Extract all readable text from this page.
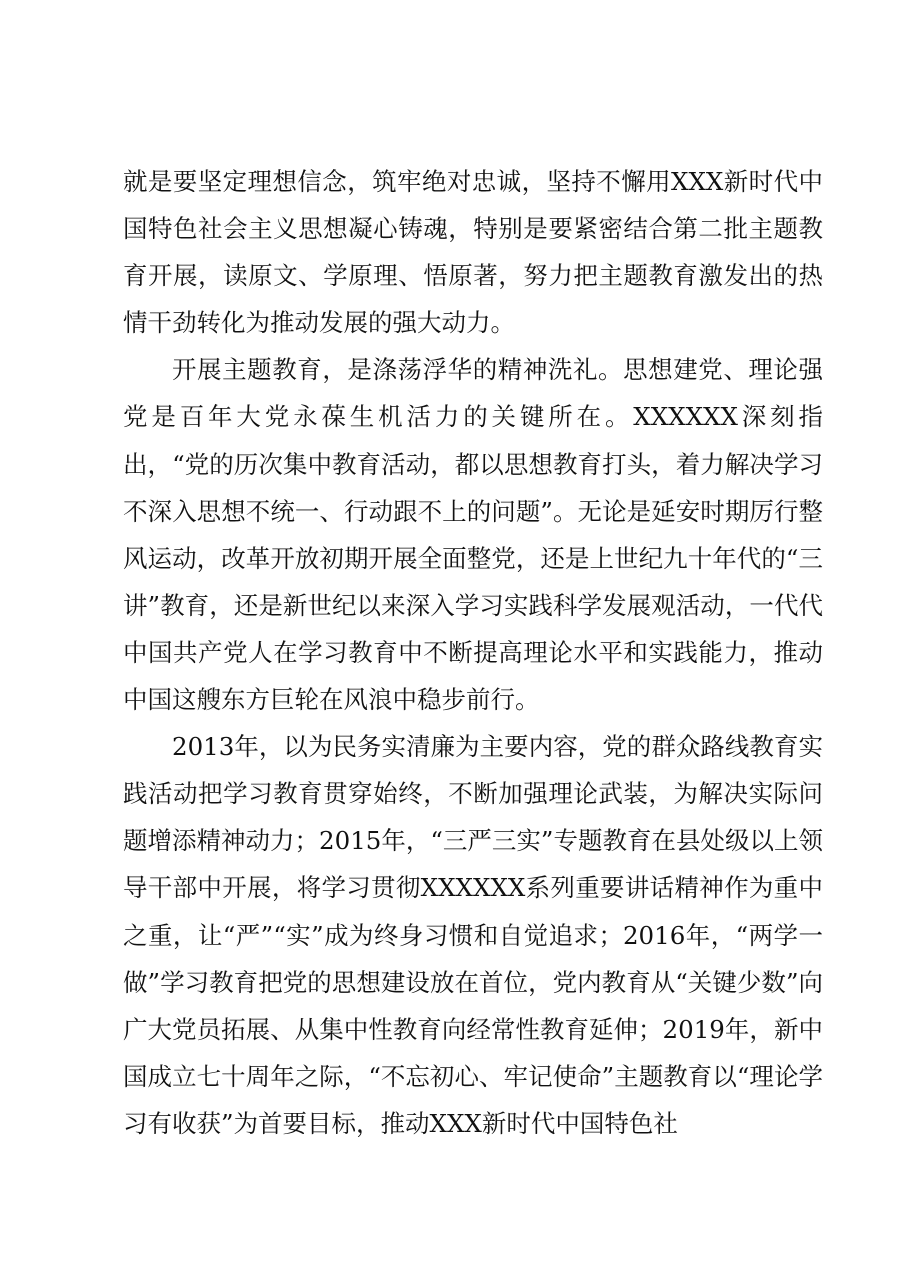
就是要坚定理想信念，筑牢绝对忠诚，坚持不懈用XXX新时代中国特色社会主义思想凝心铸魂，特别是要紧密结合第二批主题教育开展，读原文、学原理、悟原著，努力把主题教育激发出的热情干劲转化为推动发展的强大动力。

开展主题教育，是涤荡浮华的精神洗礼。思想建党、理论强党是百年大党永葆生机活力的关键所在。XXXXXX深刻指出，“党的历次集中教育活动，都以思想教育打头，着力解决学习不深入思想不统一、行动跟不上的问题”。无论是延安时期厉行整风运动，改革开放初期开展全面整党，还是上世纪九十年代的“三讲”教育，还是新世纪以来深入学习实践科学发展观活动，一代代中国共产党人在学习教育中不断提高理论水平和实践能力，推动中国这艘东方巨轮在风浪中稳步前行。

2013年，以为民务实清廉为主要内容，党的群众路线教育实践活动把学习教育贯穿始终，不断加强理论武装，为解决实际问题增添精神动力；2015年，“三严三实”专题教育在县处级以上领导干部中开展，将学习贯彻XXXXXX系列重要讲话精神作为重中之重，让“严”“实”成为终身习惯和自觉追求；2016年，“两学一做”学习教育把党的思想建设放在首位，党内教育从“关键少数”向广大党员拓展、从集中性教育向经常性教育延伸；2019年，新中国成立七十周年之际，“不忘初心、牢记使命”主题教育以“理论学习有收获”为首要目标，推动XXX新时代中国特色社
